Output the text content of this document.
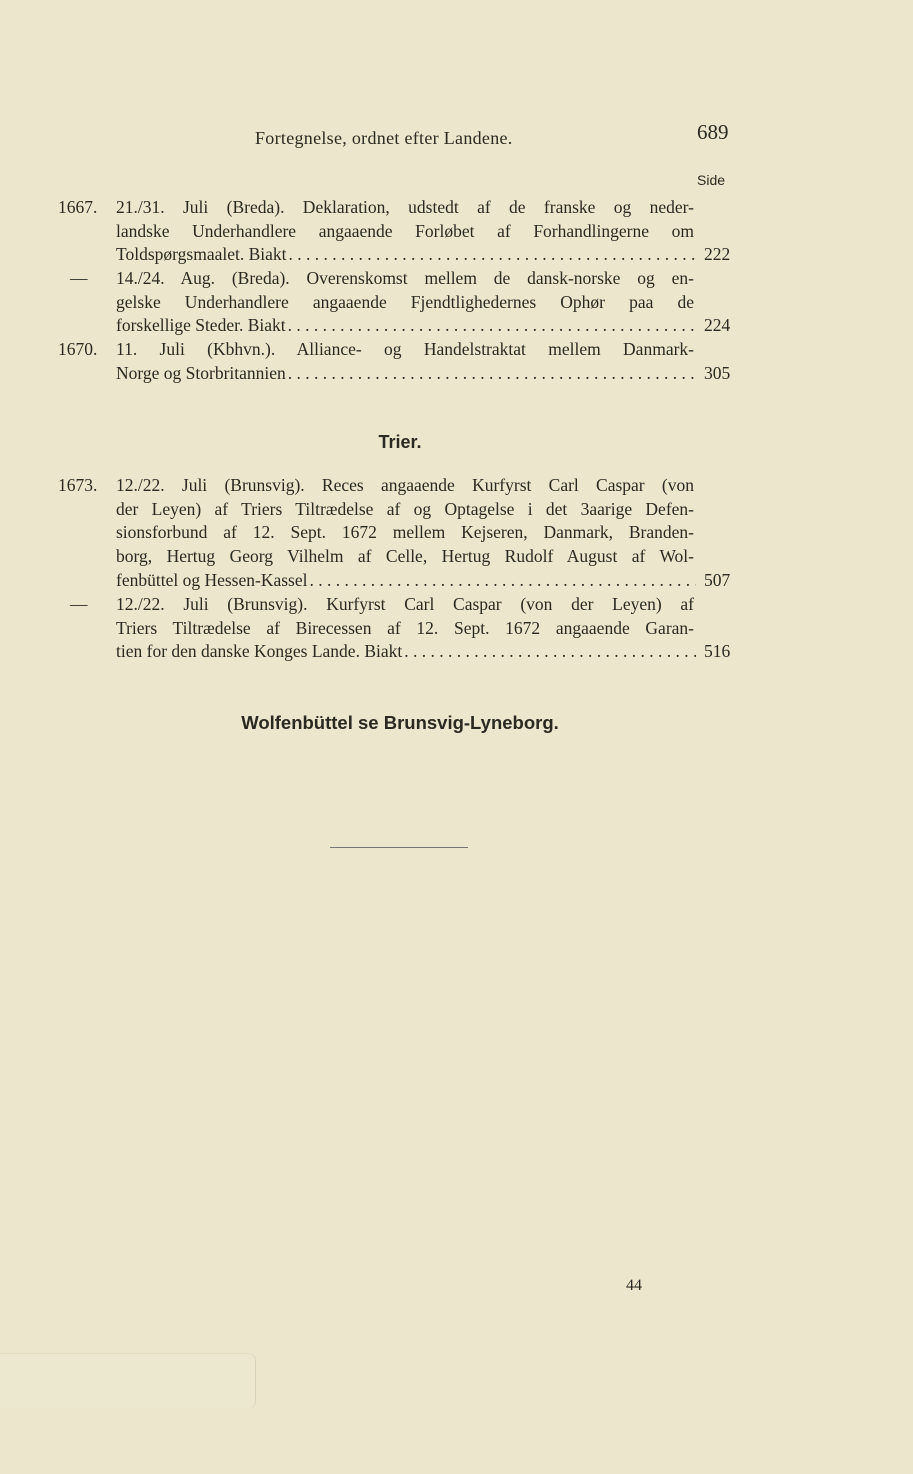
Fortegnelse, ordnet efter Landene.	689
Side
1667.	21./31. Juli (Breda). Deklaration, udstedt af de franske og neder-
landske Underhandlere angaaende Forløbet af Forhandlingerne om
Toldspørgsmaalet. Biakt . . .	222
—	14./24. Aug. (Breda). Overenskomst mellem de dansk-norske og en-
gelske Underhandlere angaaende Fjendtlighedernes Ophør paa de
forskellige Steder. Biakt . . .	224
1670.	11. Juli (Kbhvn.). Alliance- og Handelstraktat mellem Danmark-
Norge og Storbritannien . . .	305
1673.	12./22. Juli (Brunsvig). Reces angaaende Kurfyrst Carl Caspar (von
der Leyen) af Triers Tiltrædelse af og Optagelse i det 3aarige Defen-
sionsforbund af 12. Sept. 1672 mellem Kejseren, Danmark, Branden-
borg, Hertug Georg Vilhelm af Celle, Hertug Rudolf August af Wol-
fenbüttel og Hessen-Kassel . . .	507
—	12./22. Juli (Brunsvig). Kurfyrst Carl Caspar (von der Leyen) af
Triers Tiltrædelse af Birecessen af 12. Sept. 1672 angaaende Garan-
tien for den danske Konges Lande. Biakt . . .	516
Trier.
Wolfenbüttel se Brunsvig-Lyneborg.
44
